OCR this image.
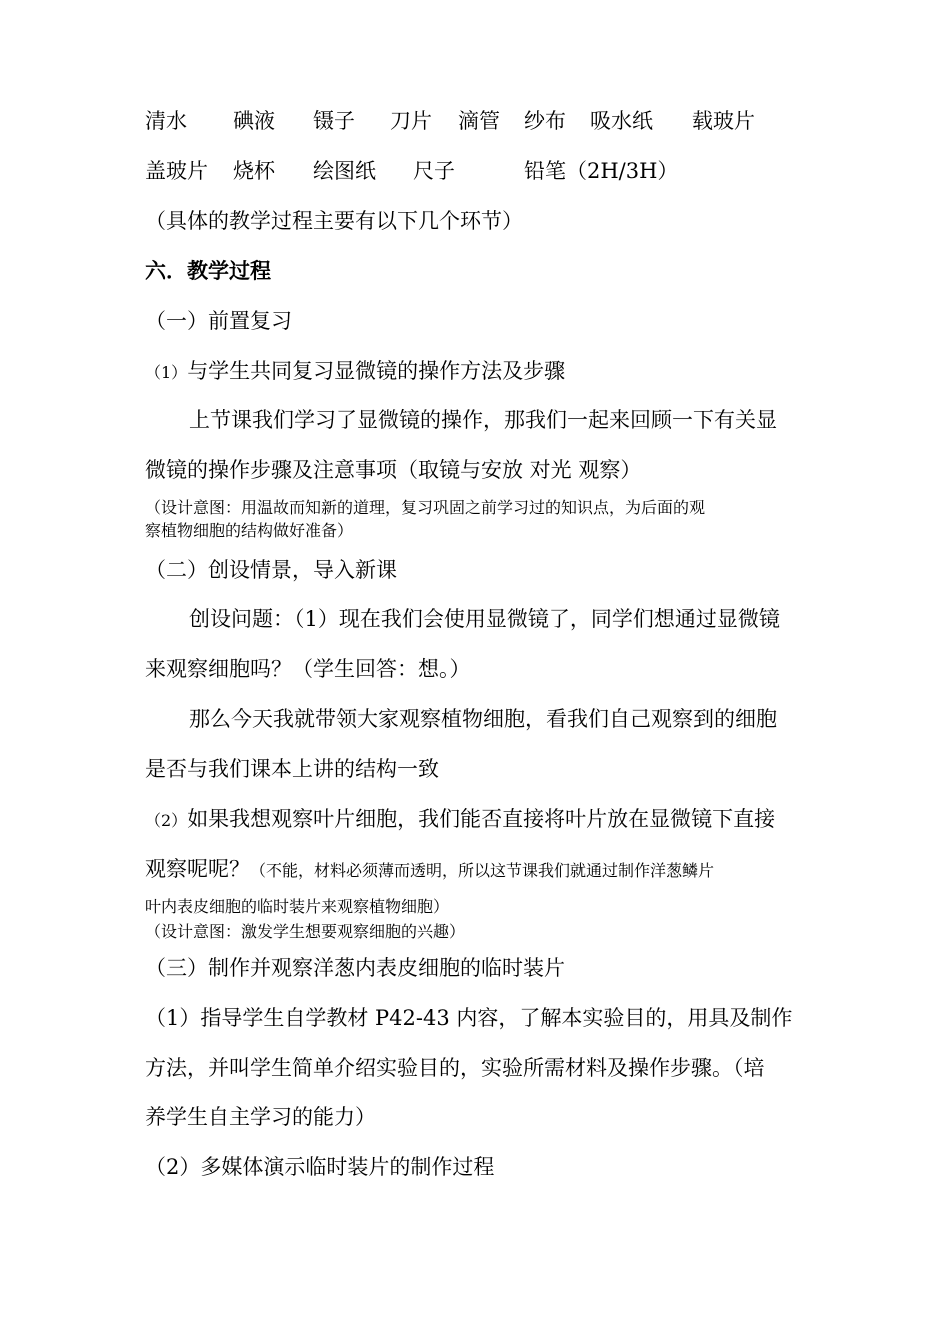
清水 碘液 镊子 刀片 滴管 纱布 吸水纸 载玻片
盖玻片 烧杯 绘图纸 尺子	铅笔（2H/3H）
（具体的教学过程主要有以下几个环节）
六．教学过程
（一）前置复习
（1）与学生共同复习显微镜的操作方法及步骤
上节课我们学习了显微镜的操作，那我们一起来回顾一下有关显
微镜的操作步骤及注意事项（取镜与安放 对光 观察）
（设计意图：用温故而知新的道理，复习巩固之前学习过的知识点，为后面的观
察植物细胞的结构做好准备）
（二）创设情景，导入新课
创设问题：（1）现在我们会使用显微镜了，同学们想通过显微镜
来观察细胞吗？（学生回答：想。）
那么今天我就带领大家观察植物细胞，看我们自己观察到的细胞
是否与我们课本上讲的结构一致
（2）如果我想观察叶片细胞，我们能否直接将叶片放在显微镜下直接
观察呢呢？（不能，材料必须薄而透明，所以这节课我们就通过制作洋葱鳞片
叶内表皮细胞的临时装片来观察植物细胞）
（设计意图：激发学生想要观察细胞的兴趣）
（三）制作并观察洋葱内表皮细胞的临时装片
（1）指导学生自学教材 P42-43 内容，了解本实验目的，用具及制作
方法，并叫学生简单介绍实验目的，实验所需材料及操作步骤。（培
养学生自主学习的能力）
（2）多媒体演示临时装片的制作过程
